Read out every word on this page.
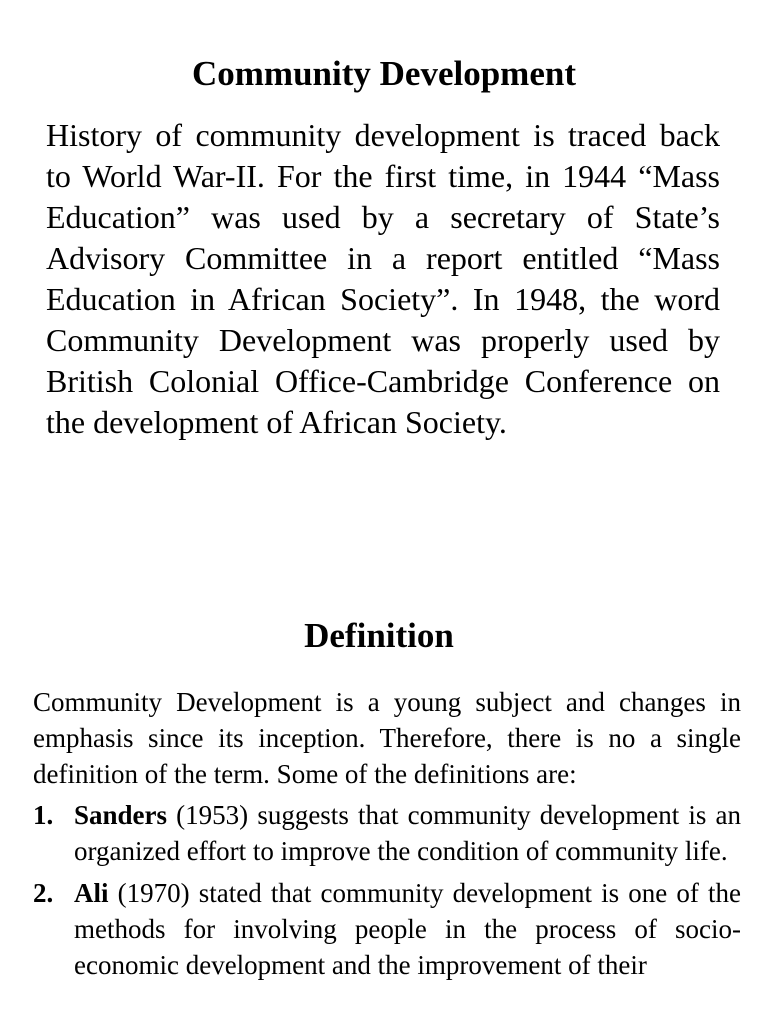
Community Development

History of community development is traced back to World War-II. For the first time, in 1944 “Mass Education” was used by a secretary of State’s Advisory Committee in a report entitled “Mass Education in African Society”. In 1948, the word Community Development was properly used by British Colonial Office-Cambridge Conference on the development of African Society.

Definition

Community Development is a young subject and changes in emphasis since its inception. Therefore, there is no a single definition of the term. Some of the definitions are:

1. Sanders (1953) suggests that community development is an organized effort to improve the condition of community life.
2. Ali (1970) stated that community development is one of the methods for involving people in the process of socio-economic development and the improvement of their
